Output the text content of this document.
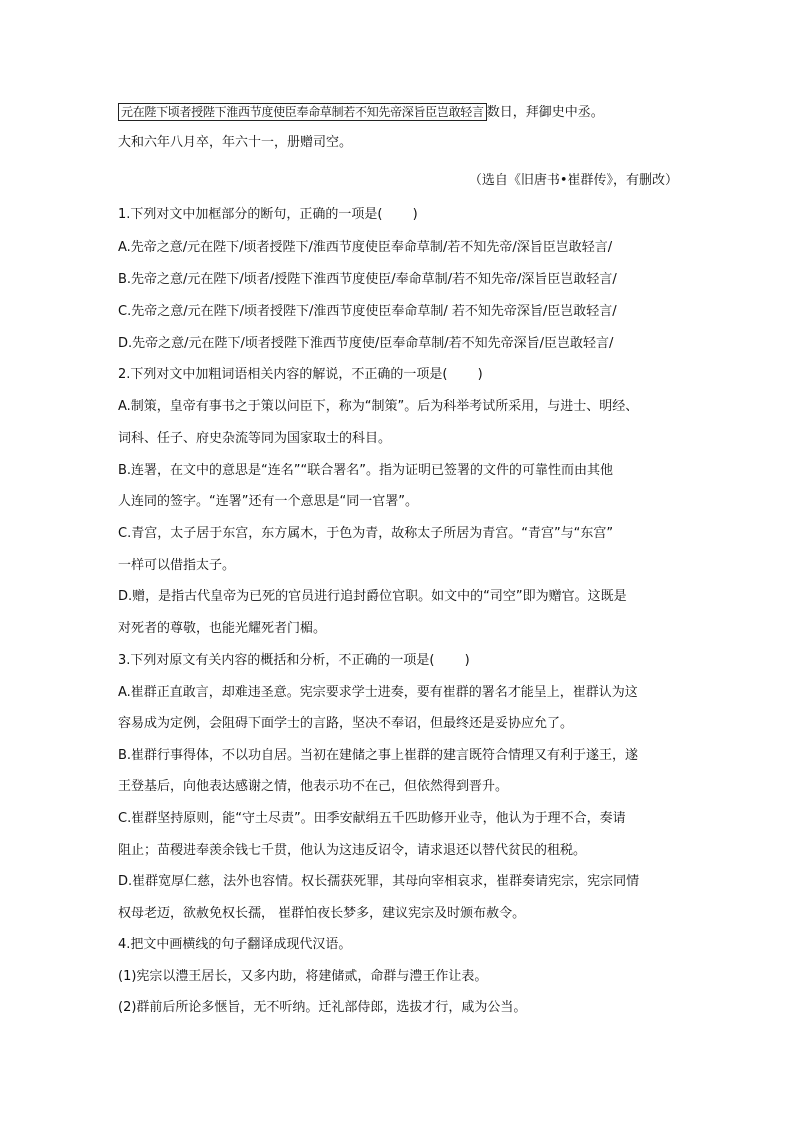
元在陛下顷者授陛下淮西节度使臣奉命草制若不知先帝深旨臣岂敢轻言 数日，拜御史中丞。
大和六年八月卒，年六十一，册赠司空。
（选自《旧唐书•崔群传》，有删改）
1.下列对文中加框部分的断句，正确的一项是(　　 )
A.先帝之意/元在陛下/顷者授陛下/淮西节度使臣奉命草制/若不知先帝/深旨臣岂敢轻言/
B.先帝之意/元在陛下/顷者/授陛下淮西节度使臣/奉命草制/若不知先帝/深旨臣岂敢轻言/
C.先帝之意/元在陛下/顷者授陛下/淮西节度使臣奉命草制/ 若不知先帝深旨/臣岂敢轻言/
D.先帝之意/元在陛下/顷者授陛下淮西节度使/臣奉命草制/若不知先帝深旨/臣岂敢轻言/
2.下列对文中加粗词语相关内容的解说，不正确的一项是(　　 )
A.制策，皇帝有事书之于策以问臣下，称为“制策”。后为科举考试所采用，与进士、明经、
词科、任子、府史杂流等同为国家取士的科目。
B.连署，在文中的意思是“连名”“联合署名”。指为证明已签署的文件的可靠性而由其他
人连同的签字。“连署”还有一个意思是“同一官署”。
C.青宫，太子居于东宫，东方属木，于色为青，故称太子所居为青宫。“青宫”与“东宫”
一样可以借指太子。
D.赠，是指古代皇帝为已死的官员进行追封爵位官职。如文中的“司空”即为赠官。这既是
对死者的尊敬，也能光耀死者门楣。
3.下列对原文有关内容的概括和分析，不正确的一项是(　　 )
A.崔群正直敢言，却难违圣意。宪宗要求学士进奏，要有崔群的署名才能呈上，崔群认为这
容易成为定例，会阻碍下面学士的言路，坚决不奉诏，但最终还是妥协应允了。
B.崔群行事得体，不以功自居。当初在建储之事上崔群的建言既符合情理又有利于遂王，遂
王登基后，向他表达感谢之情，他表示功不在己，但依然得到晋升。
C.崔群坚持原则，能“守土尽责”。田季安献绢五千匹助修开业寺，他认为于理不合，奏请
阻止；苗稷进奉羡余钱七千贯，他认为这违反诏令，请求退还以替代贫民的租税。
D.崔群宽厚仁慈，法外也容情。权长孺获死罪，其母向宰相哀求，崔群奏请宪宗，宪宗同情
权母老迈，欲赦免权长孺， 崔群怕夜长梦多，建议宪宗及时颁布赦令。
4.把文中画横线的句子翻译成现代汉语。
(1)宪宗以澧王居长，又多内助，将建储贰，命群与澧王作让表。
(2)群前后所论多惬旨，无不听纳。迁礼部侍郎，选拔才行，咸为公当。
